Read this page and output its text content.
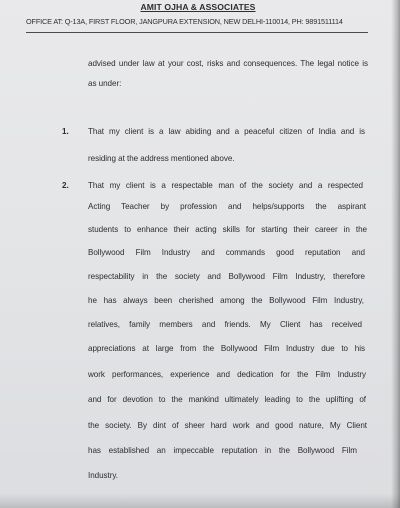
AMIT OJHA & ASSOCIATES
OFFICE AT: Q-13A, FIRST FLOOR, JANGPURA EXTENSION, NEW DELHI-110014, PH: 9891511114
advised under law at your cost, risks and consequences. The legal notice is
as under:
1. That my client is a law abiding and a peaceful citizen of India and is
residing at the address mentioned above.
2. That my client is a respectable man of the society and a respected
Acting Teacher by profession and helps/supports the aspirant
students to enhance their acting skills for starting their career in the
Bollywood Film Industry and commands good reputation and
respectability in the society and Bollywood Film Industry, therefore
he has always been cherished among the Bollywood Film Industry,
relatives, family members and friends. My Client has received
appreciations at large from the Bollywood Film Industry due to his
work performances, experience and dedication for the Film Industry
and for devotion to the mankind ultimately leading to the uplifting of
the society. By dint of sheer hard work and good nature, My Client
has established an impeccable reputation in the Bollywood Film
Industry.
